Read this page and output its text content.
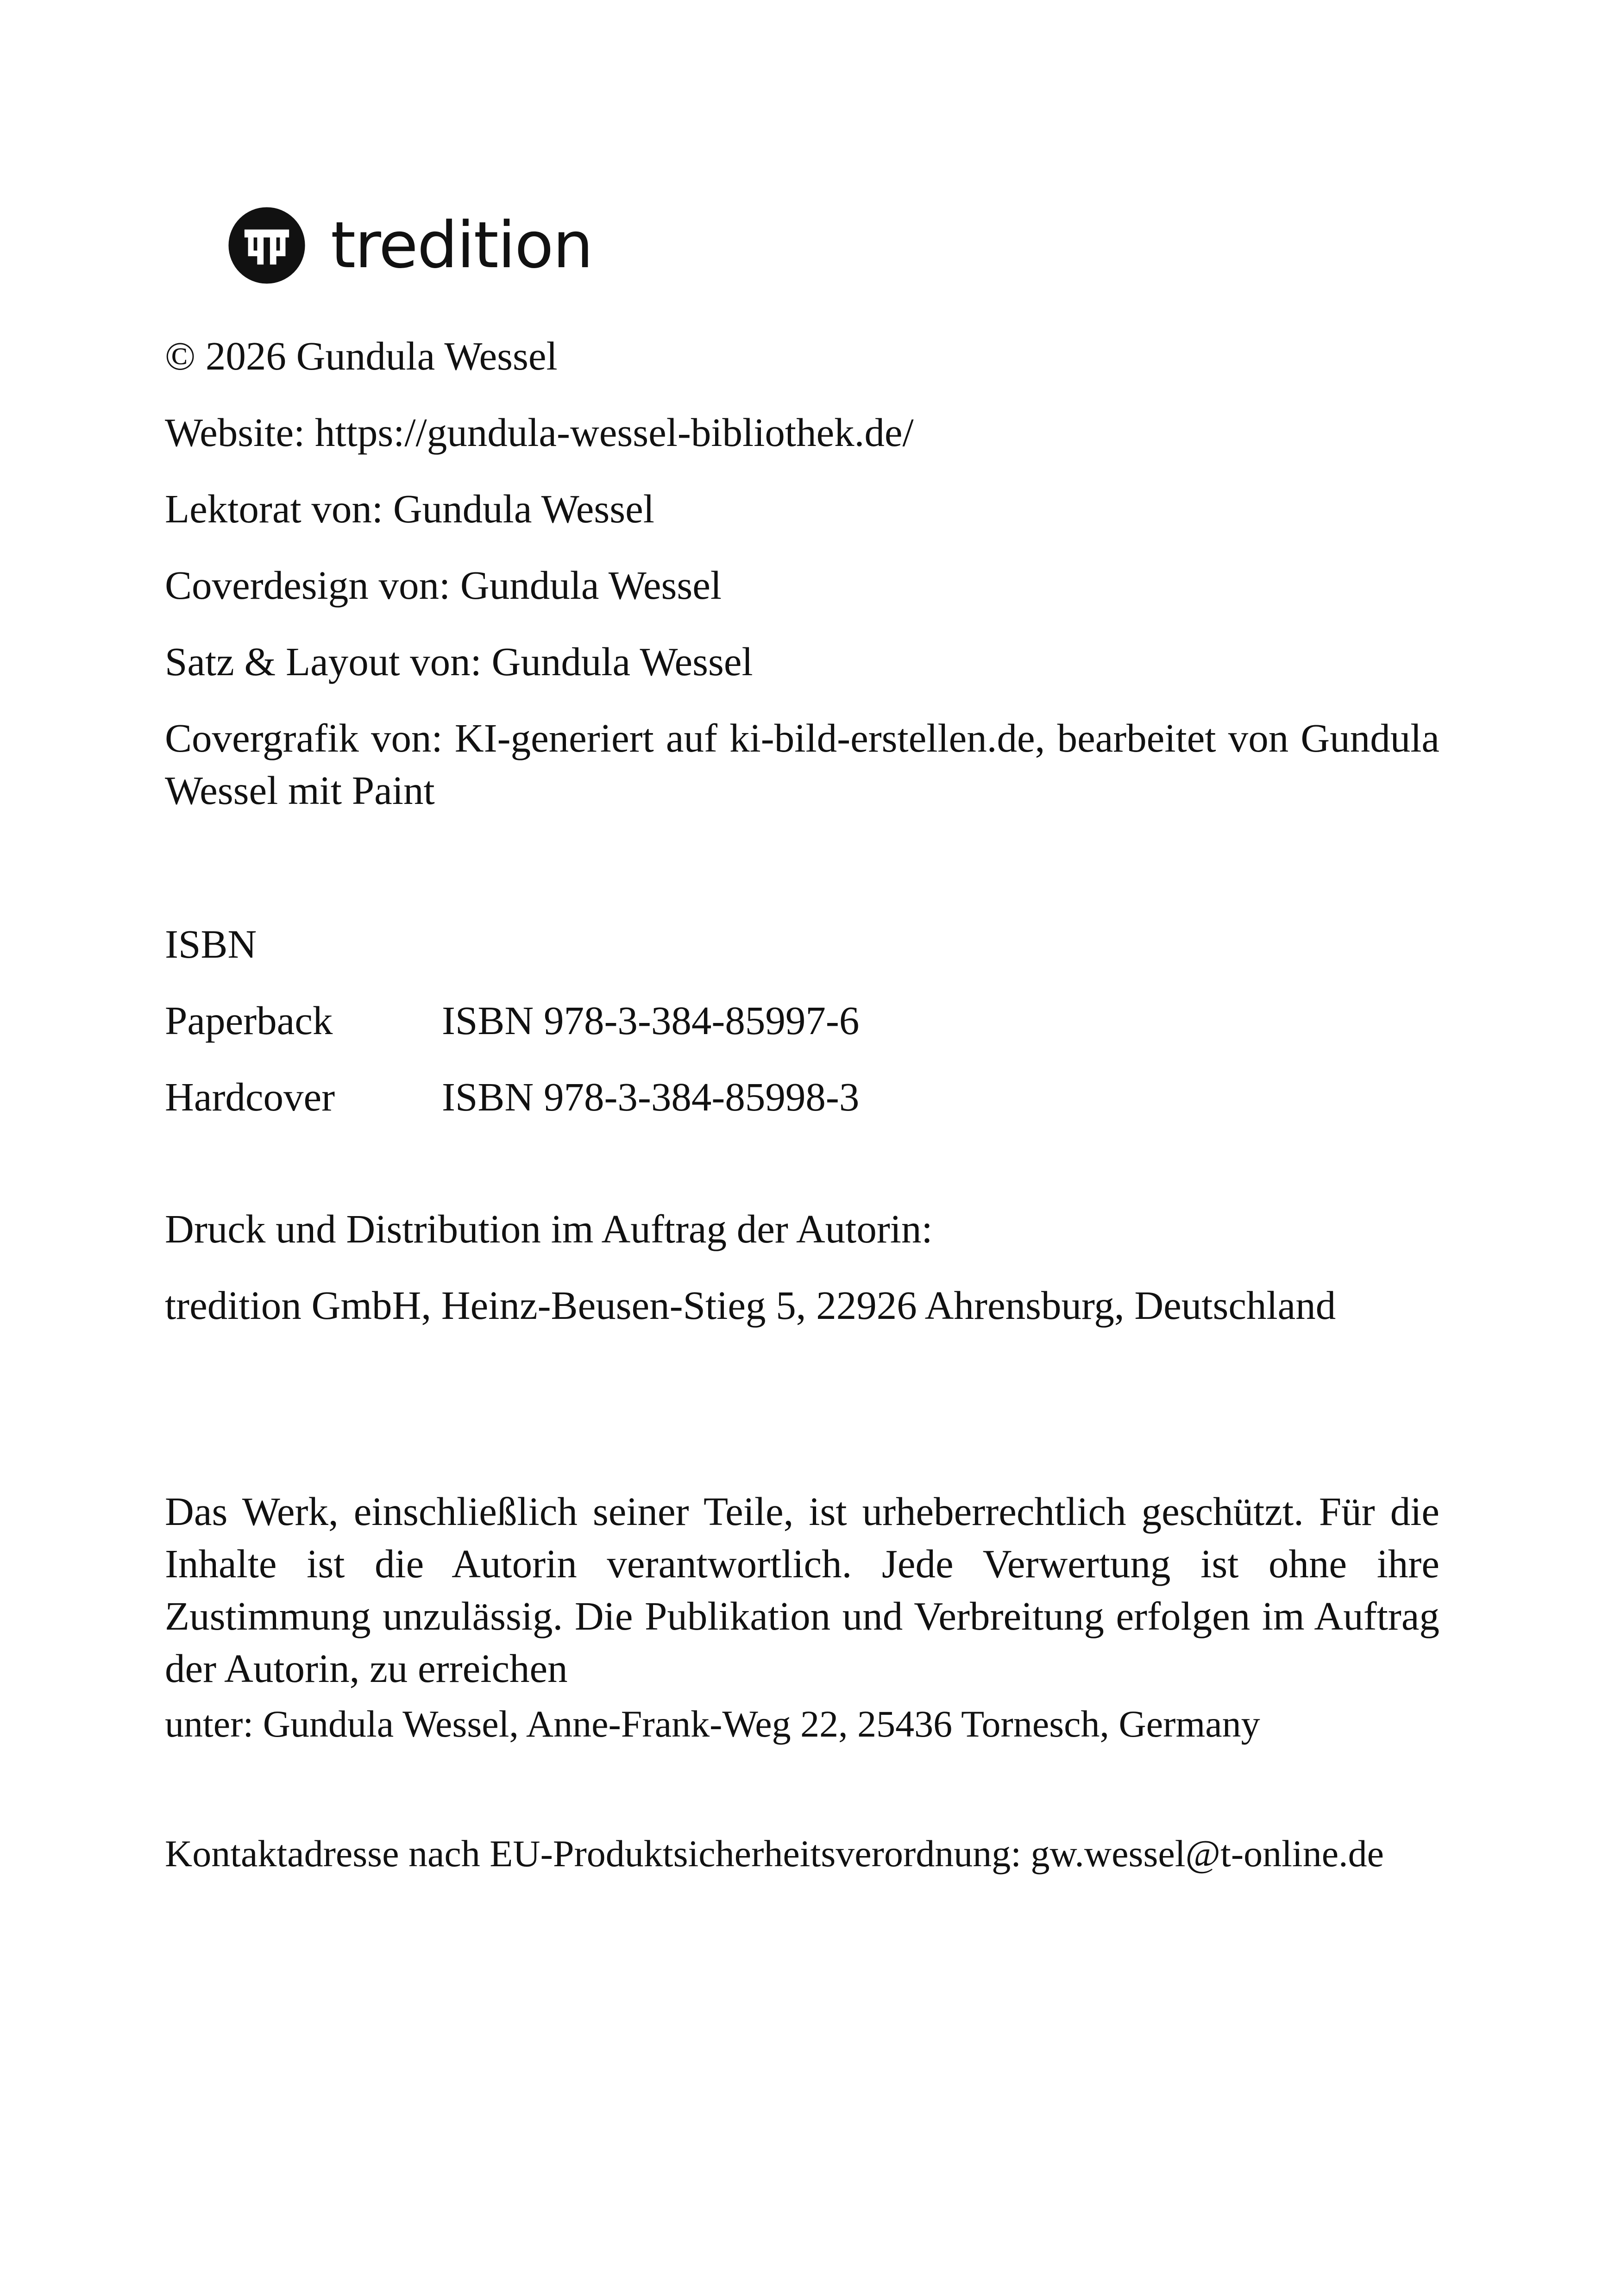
tredition
© 2026 Gundula Wessel
Website: https://gundula-wessel-bibliothek.de/
Lektorat von: Gundula Wessel
Coverdesign von: Gundula Wessel
Satz & Layout von: Gundula Wessel
Covergrafik von: KI-generiert auf ki-bild-erstellen.de, bearbeitet von Gundula Wessel mit Paint
ISBN
Paperback	ISBN 978-3-384-85997-6
Hardcover	ISBN 978-3-384-85998-3
Druck und Distribution im Auftrag der Autorin:
tredition GmbH, Heinz-Beusen-Stieg 5, 22926 Ahrensburg, Deutschland
Das Werk, einschließlich seiner Teile, ist urheberrechtlich geschützt. Für die Inhalte ist die Autorin verantwortlich. Jede Verwertung ist ohne ihre Zustimmung unzulässig. Die Publikation und Verbreitung erfolgen im Auftrag der Autorin, zu erreichen
unter: Gundula Wessel, Anne-Frank-Weg 22, 25436 Tornesch, Germany
Kontaktadresse nach EU-Produktsicherheitsverordnung: gw.wessel@t-online.de
